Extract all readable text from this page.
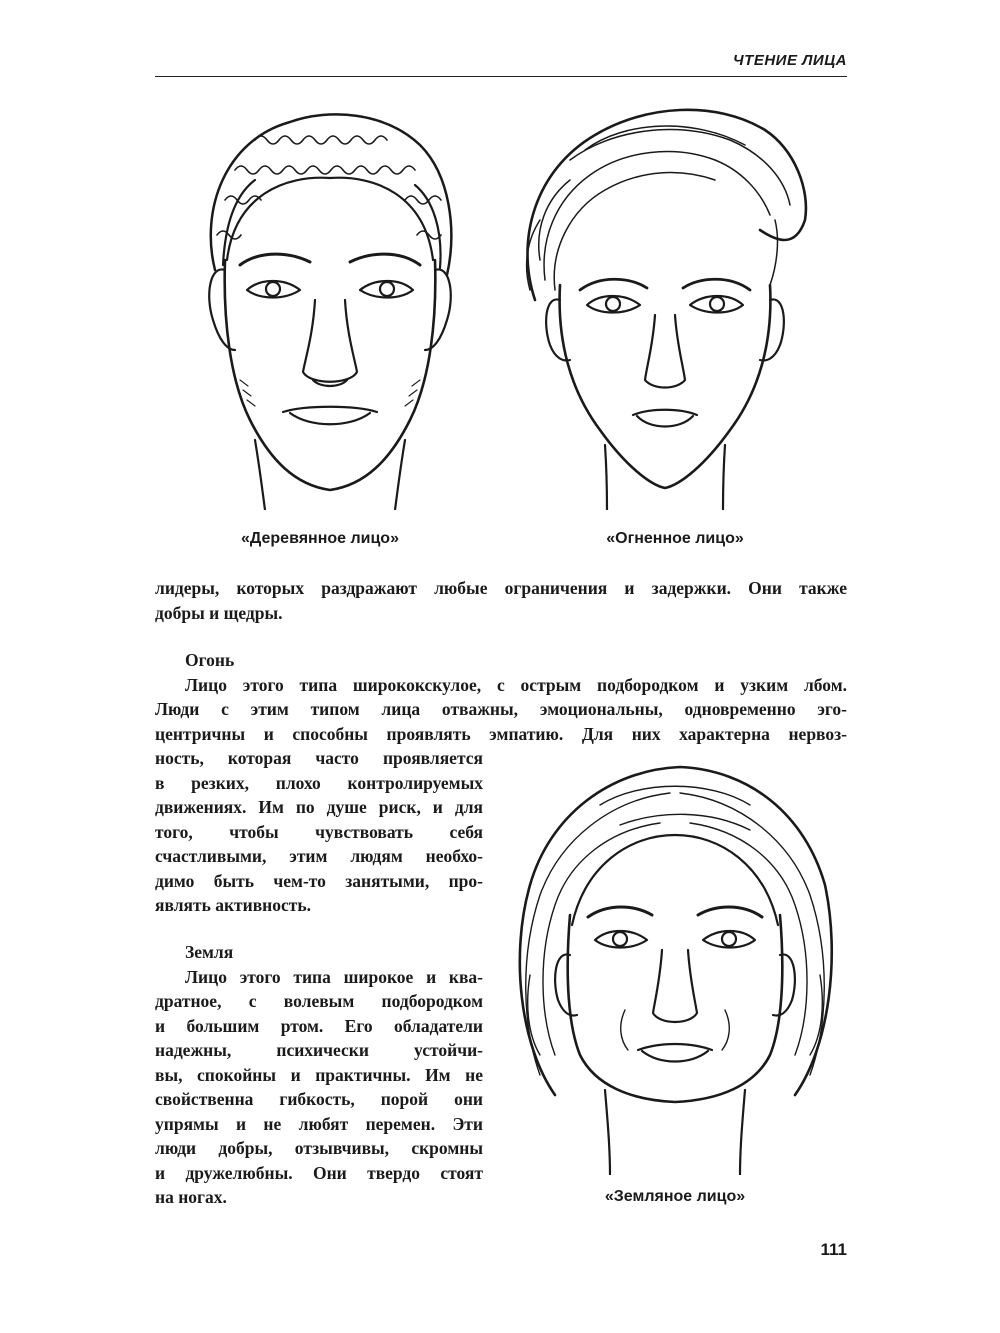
ЧТЕНИЕ ЛИЦА
«Деревянное лицо»	«Огненное лицо»
лидеры, которых раздражают любые ограничения и задержки. Они также
добры и щедры.
Огонь
Лицо этого типа ширококскулое, с острым подбородком и узким лбом.
Люди с этим типом лица отважны, эмоциональны, одновременно эго-
центричны и способны проявлять эмпатию. Для них характерна нервоз-
ность, которая часто проявляется
в резких, плохо контролируемых
движениях. Им по душе риск, и для
того, чтобы чувствовать себя
счастливыми, этим людям необхо-
димо быть чем-то занятыми, про-
являть активность.
Земля
Лицо этого типа широкое и ква-
дратное, с волевым подбородком
и большим ртом. Его обладатели
надежны, психически устойчи-
вы, спокойны и практичны. Им не
свойственна гибкость, порой они
упрямы и не любят перемен. Эти
люди добры, отзывчивы, скромны
и дружелюбны. Они твердо стоят
на ногах.	«Земляное лицо»
111
